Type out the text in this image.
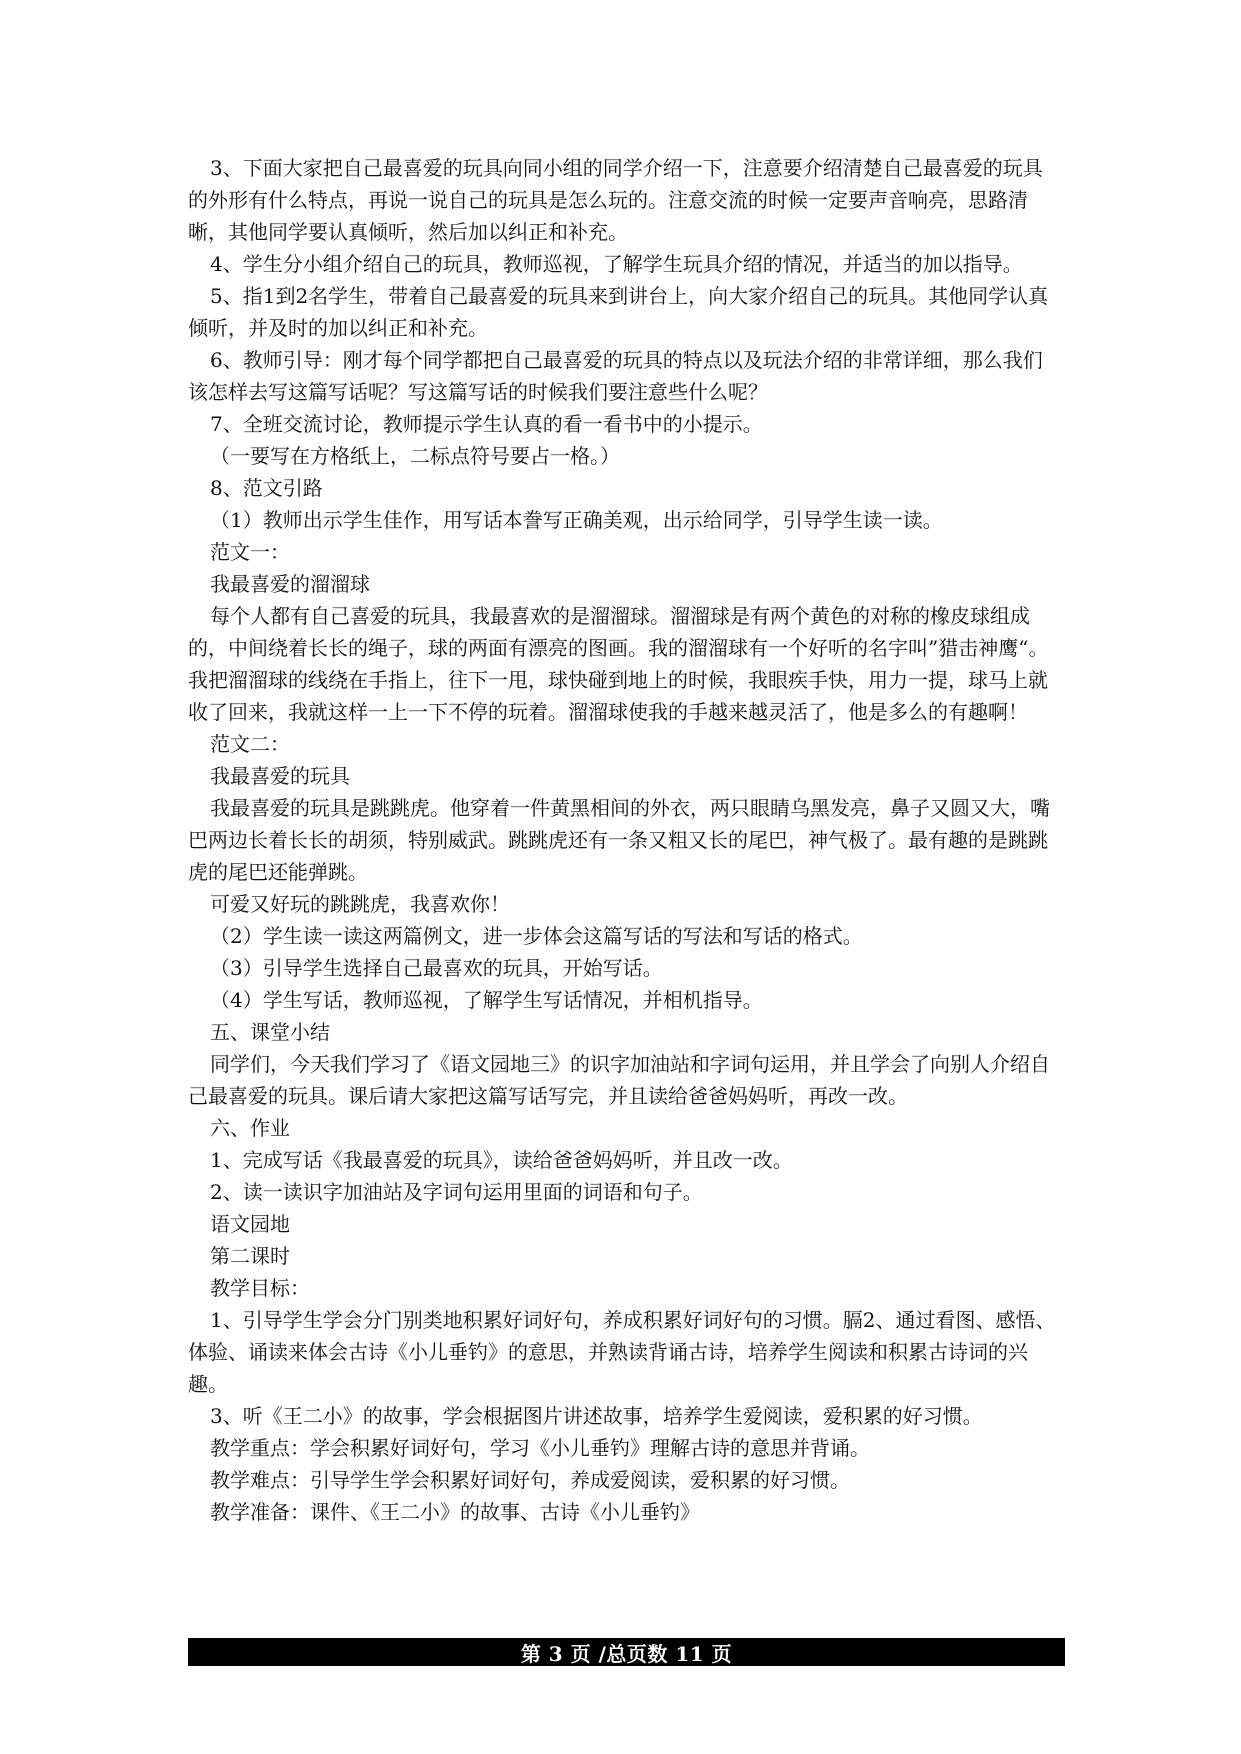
3、下面大家把自己最喜爱的玩具向同小组的同学介绍一下，注意要介绍清楚自己最喜爱的玩具的外形有什么特点，再说一说自己的玩具是怎么玩的。注意交流的时候一定要声音响亮，思路清晰，其他同学要认真倾听，然后加以纠正和补充。

4、学生分小组介绍自己的玩具，教师巡视，了解学生玩具介绍的情况，并适当的加以指导。

5、指1到2名学生，带着自己最喜爱的玩具来到讲台上，向大家介绍自己的玩具。其他同学认真倾听，并及时的加以纠正和补充。

6、教师引导：刚才每个同学都把自己最喜爱的玩具的特点以及玩法介绍的非常详细，那么我们该怎样去写这篇写话呢？写这篇写话的时候我们要注意些什么呢？

7、全班交流讨论，教师提示学生认真的看一看书中的小提示。

（一要写在方格纸上，二标点符号要占一格。）

8、范文引路

（1）教师出示学生佳作，用写话本誊写正确美观，出示给同学，引导学生读一读。

范文一：

我最喜爱的溜溜球

每个人都有自己喜爱的玩具，我最喜欢的是溜溜球。溜溜球是有两个黄色的对称的橡皮球组成的，中间绕着长长的绳子，球的两面有漂亮的图画。我的溜溜球有一个好听的名字叫”猎击神鹰“。我把溜溜球的线绕在手指上，往下一甩，球快碰到地上的时候，我眼疾手快，用力一提，球马上就收了回来，我就这样一上一下不停的玩着。溜溜球使我的手越来越灵活了，他是多么的有趣啊！

范文二：

我最喜爱的玩具

我最喜爱的玩具是跳跳虎。他穿着一件黄黑相间的外衣，两只眼睛乌黑发亮，鼻子又圆又大，嘴巴两边长着长长的胡须，特别威武。跳跳虎还有一条又粗又长的尾巴，神气极了。最有趣的是跳跳虎的尾巴还能弹跳。

可爱又好玩的跳跳虎，我喜欢你！

（2）学生读一读这两篇例文，进一步体会这篇写话的写法和写话的格式。

（3）引导学生选择自己最喜欢的玩具，开始写话。

（4）学生写话，教师巡视，了解学生写话情况，并相机指导。

五、课堂小结

同学们，今天我们学习了《语文园地三》的识字加油站和字词句运用，并且学会了向别人介绍自己最喜爱的玩具。课后请大家把这篇写话写完，并且读给爸爸妈妈听，再改一改。

六、作业

1、完成写话《我最喜爱的玩具》，读给爸爸妈妈听，并且改一改。

2、读一读识字加油站及字词句运用里面的词语和句子。

语文园地

第二课时

教学目标：

1、引导学生学会分门别类地积累好词好句，养成积累好词好句的习惯。膈2、通过看图、感悟、体验、诵读来体会古诗《小儿垂钓》的意思，并熟读背诵古诗，培养学生阅读和积累古诗词的兴趣。

3、听《王二小》的故事，学会根据图片讲述故事，培养学生爱阅读，爱积累的好习惯。

教学重点：学会积累好词好句，学习《小儿垂钓》理解古诗的意思并背诵。

教学难点：引导学生学会积累好词好句，养成爱阅读，爱积累的好习惯。

教学准备：课件、《王二小》的故事、古诗《小儿垂钓》

第 3 页 /总页数 11 页
